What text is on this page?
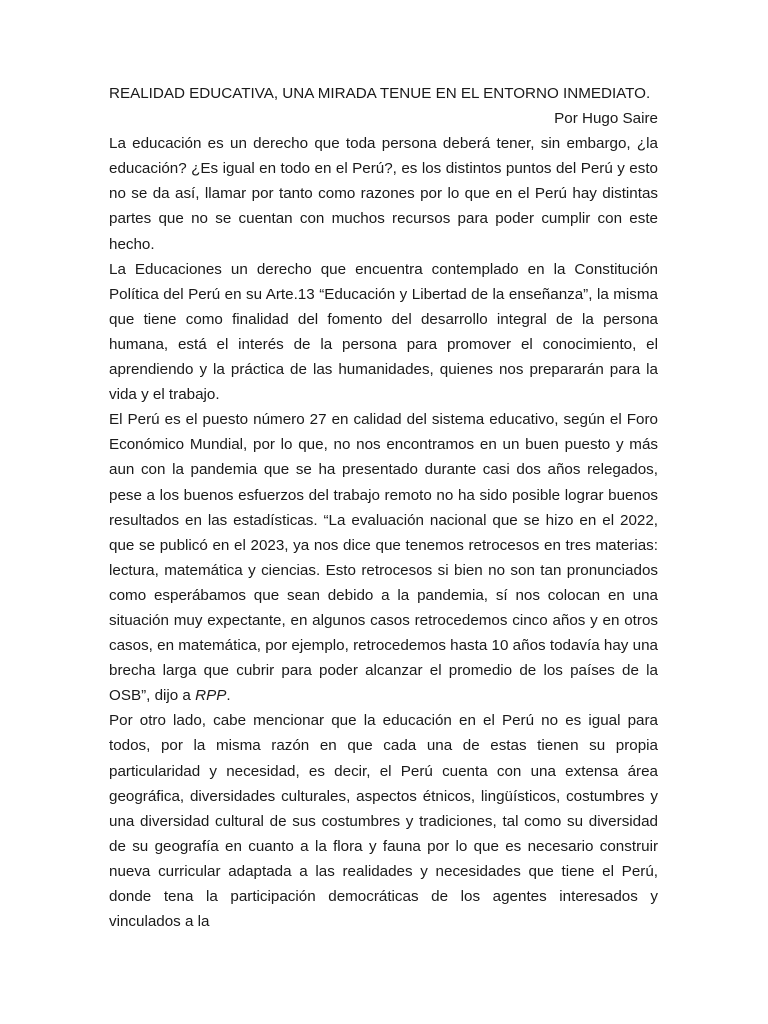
REALIDAD EDUCATIVA, UNA MIRADA TENUE EN EL ENTORNO INMEDIATO.

Por Hugo Saire

La educación es un derecho que toda persona deberá tener, sin embargo, ¿la educación? ¿Es igual en todo en el Perú?, es los distintos puntos del Perú y esto no se da así, llamar por tanto como razones por lo que en el Perú hay distintas partes que no se cuentan con muchos recursos para poder cumplir con este hecho.

La Educaciones un derecho que encuentra contemplado en la Constitución Política del Perú en su Arte.13 “Educación y Libertad de la enseñanza”, la misma que tiene como finalidad del fomento del desarrollo integral de la persona humana, está el interés de la persona para promover el conocimiento, el aprendiendo y la práctica de las humanidades, quienes nos prepararán para la vida y el trabajo.

El Perú es el puesto número 27 en calidad del sistema educativo, según el Foro Económico Mundial, por lo que, no nos encontramos en un buen puesto y más aun con la pandemia que se ha presentado durante casi dos años relegados, pese a los buenos esfuerzos del trabajo remoto no ha sido posible lograr buenos resultados en las estadísticas. “La evaluación nacional que se hizo en el 2022, que se publicó en el 2023, ya nos dice que tenemos retrocesos en tres materias: lectura, matemática y ciencias. Esto retrocesos si bien no son tan pronunciados como esperábamos que sean debido a la pandemia, sí nos colocan en una situación muy expectante, en algunos casos retrocedemos cinco años y en otros casos, en matemática, por ejemplo, retrocedemos hasta 10 años todavía hay una brecha larga que cubrir para poder alcanzar el promedio de los países de la OSB”, dijo a RPP.

Por otro lado, cabe mencionar que la educación en el Perú no es igual para todos, por la misma razón en que cada una de estas tienen su propia particularidad y necesidad, es decir, el Perú cuenta con una extensa área geográfica, diversidades culturales, aspectos étnicos, lingüísticos, costumbres y una diversidad cultural de sus costumbres y tradiciones, tal como su diversidad de su geografía en cuanto a la flora y fauna por lo que es necesario construir nueva curricular adaptada a las realidades y necesidades que tiene el Perú, donde tena la participación democráticas de los agentes interesados y vinculados a la
